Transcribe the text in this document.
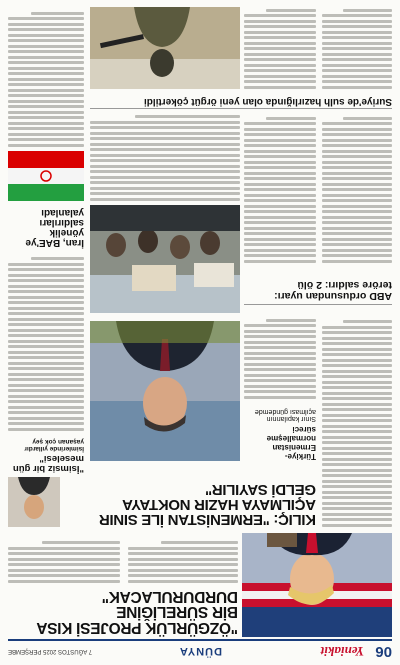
06
Yeniakit
DÜNYA
7 AĞUSTOS 2025 PERŞEMBE

"ÖZGÜRLÜK PROJESİ KISA BİR SÜRELİĞİNE DURDURULACAK"

KILIÇ: "ERMENİSTAN İLE SINIR AÇILMAYA HAZIR NOKTAYA GELDİ SAYILIR"

"İsimsiz bir gün meselesi"

İsimlerinde yıllardır yaşanan çok şey

Türkiye-Ermenistan normalleşme süreci

Sınır kapılarının açılması gündemde

ABD ordusundan uyarı: teröre saldırı: 2 ölü

İran, BAE'ye yönelik saldırıları yalanladı

Suriye'de sulh hazırlığında olan yeni örgüt çökertildi
